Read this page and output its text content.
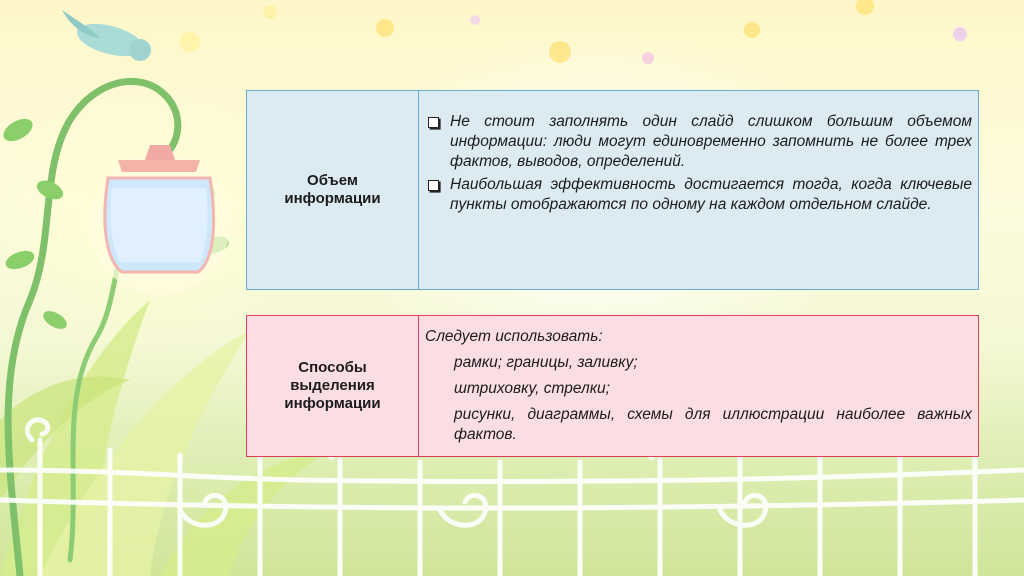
Объем
информации
Не стоит заполнять один слайд слишком большим объемом информации: люди могут единовременно запомнить не более трех фактов, выводов, определений.
Наибольшая эффективность достигается тогда, когда ключевые пункты отображаются по одному на каждом отдельном слайде.
Способы
выделения
информации
Следует использовать:
рамки; границы, заливку;
штриховку, стрелки;
рисунки, диаграммы, схемы для иллюстрации наиболее важных фактов.
